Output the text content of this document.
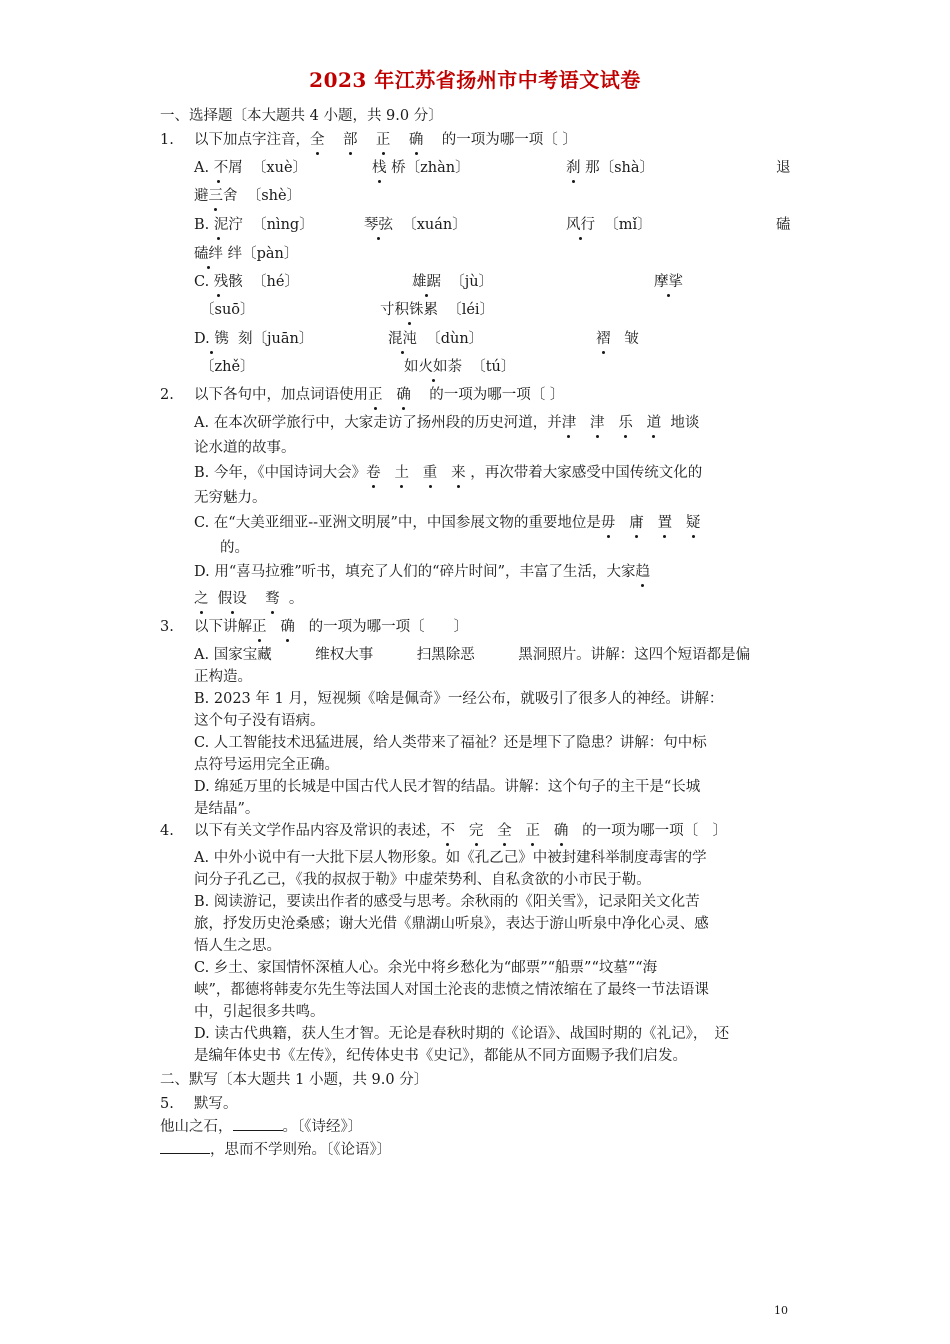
2023 年江苏省扬州市中考语文试卷
一、选择题〔本大题共 4 小题，共 9.0 分〕
1. 以下加点字注音，全 部 正 确 的一项为哪一项〔 〕
A. 不屑 〔xuè〕	栈 桥〔zhàn〕	刹 那〔shà〕	退
避三舍 〔shè〕
B. 泥泞 〔nìng〕	琴弦 〔xuán〕	风行 〔mǐ〕	磕
磕绊 绊〔pàn〕
C. 残骸 〔hé〕	雄踞 〔jù〕	摩挲
〔suō〕	寸积铢累 〔léi〕
D. 镌 刻〔juān〕	混沌 〔dùn〕	褶 皱
〔zhě〕	如火如荼 〔tú〕
2. 以下各句中，加点词语使用正 确 的一项为哪一项〔 〕
A. 在本次研学旅行中，大家走访了扬州段的历史河道，并津 津 乐 道 地谈
论水道的故事。
B. 今年，《中国诗词大会》卷 土 重 来 ，再次带着大家感受中国传统文化的
无穷魅力。
C. 在“大美亚细亚--亚洲文明展”中，中国参展文物的重要地位是毋 庸 置 疑
的。
D. 用“喜马拉雅”听书，填充了人们的“碎片时间”，丰富了生活，大家趋
之 假设 骛 。
3. 以下讲解正 确 的一项为哪一项〔　　〕
A. 国家宝藏　　　维权大事　　　扫黑除恶　　　黑洞照片。讲解：这四个短语都是偏
正构造。
B. 2023 年 1 月，短视频《啥是佩奇》一经公布，就吸引了很多人的神经。讲解：
这个句子没有语病。
C. 人工智能技术迅猛进展，给人类带来了福祉？还是埋下了隐患？讲解：句中标
点符号运用完全正确。
D. 绵延万里的长城是中国古代人民才智的结晶。讲解：这个句子的主干是“长城
是结晶”。
4. 以下有关文学作品内容及常识的表述，不 完 全 正 确 的一项为哪一项〔　〕
A. 中外小说中有一大批下层人物形象。如《孔乙己》中被封建科举制度毒害的学
问分子孔乙己，《我的叔叔于勒》中虚荣势利、自私贪欲的小市民于勒。
B. 阅读游记，要读出作者的感受与思考。余秋雨的《阳关雪》，记录阳关文化苦
旅，抒发历史沧桑感；谢大光借《鼎湖山听泉》，表达于游山听泉中净化心灵、感
悟人生之思。
C. 乡土、家国情怀深植人心。余光中将乡愁化为“邮票”“船票”“坟墓”“海
峡”，都德将韩麦尔先生等法国人对国土沦丧的悲愤之情浓缩在了最终一节法语课
中，引起很多共鸣。
D. 读古代典籍，获人生才智。无论是春秋时期的《论语》、战国时期的《礼记》，　还
是编年体史书《左传》，纪传体史书《史记》，都能从不同方面赐予我们启发。
二、默写〔本大题共 1 小题，共 9.0 分〕
5. 默写。
他山之石，	。〔《诗经》〕
，思而不学则殆。〔《论语》〕
10
